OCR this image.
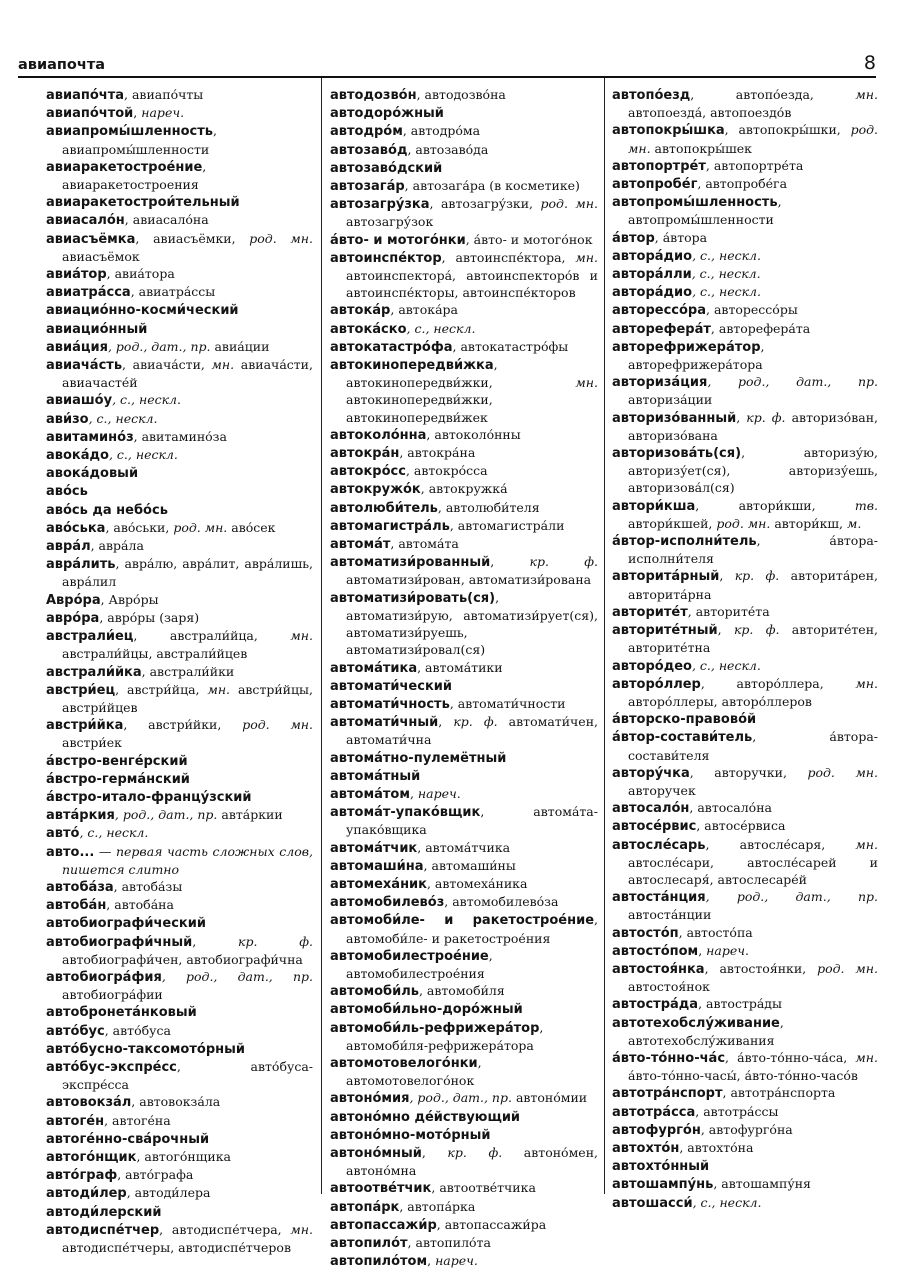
авиапочта	8

авиапо́чта, авиапо́чты

авиапо́чтой, нареч.

авиапромы́шленность, авиапромы́шленности

авиаракетострое́ние, авиаракетостроения

авиаракетострои́тельный

авиасало́н, авиасало́на

авиасъёмка, авиасъёмки, род. мн. авиасъёмок

авиа́тор, авиа́тора

авиатра́сса, авиатра́ссы

авиацио́нно-косми́ческий

авиацио́нный

авиа́ция, род., дат., пр. авиа́ции

авиача́сть, авиача́сти, мн. авиача́сти, авиачасте́й

авиашо́у, с., нескл.

ави́зо, с., нескл.

авитамино́з, авитамино́за

авока́до, с., нескл.

авока́довый

аво́сь

аво́сь да небо́сь

аво́ська, аво́ськи, род. мн. аво́сек

авра́л, авра́ла

авра́лить, авра́лю, авра́лит, авра́лишь, авра́лил

Авро́ра, Авро́ры

авро́ра, авро́ры (заря)

австрали́ец, австрали́йца, мн. австрали́йцы, австрали́йцев

австрали́йка, австрали́йки

австри́ец, австри́йца, мн. австри́йцы, австри́йцев

австри́йка, австри́йки, род. мн. австри́ек

а́встро-венге́рский

а́встро-герма́нский

а́встро-итало-францу́зский

авта́ркия, род., дат., пр. авта́ркии

авто́, с., нескл.

авто... — первая часть сложных слов, пишется слитно

автоба́зa, автоба́зы

автоба́н, автоба́на

автобиографи́ческий

автобиографи́чный, кр. ф. автобиографи́чен, автобиографи́чна

автобиогра́фия, род., дат., пр. автобиогра́фии

автобронета́нковый

авто́бус, авто́буса

авто́бусно-таксомото́рный

авто́бус-экспре́сс, авто́буса-экспре́сса

автовокза́л, автовокза́ла

автоге́н, автоге́на

автоге́нно-сва́рочный

автого́нщик, автого́нщика

авто́граф, авто́графа

автоди́лер, автоди́лера

автоди́лерский

автодиспе́тчер, автодиспе́тчера, мн. автодиспе́тчеры, автодиспе́тчеров

автодозво́н, автодозво́на

автодоро́жный

автодро́м, автодро́ма

автозаво́д, автозаво́да

автозаво́дский

автозага́р, автозага́ра (в косметике)

автозагру́зка, автозагру́зки, род. мн. автозагру́зок

а́вто- и мотого́нки, а́вто- и мотого́нок

автоинспе́ктор, автоинспе́ктора, мн. автоинспектора́, автоинспекторо́в и автоинспе́кторы, автоинспе́кторов

автока́р, автока́ра

автока́ско, с., нескл.

автокатастро́фа, автокатастро́фы

автокинопередви́жка, автокинопередви́жки, мн. автокинопередви́жки, автокинопередви́жек

автоколо́нна, автоколо́нны

автокра́н, автокра́на

автокро́сс, автокро́сса

автокружо́к, автокружка́

автолюби́тель, автолюби́теля

автомагистра́ль, автомагистра́ли

автома́т, автома́та

автоматизи́рованный, кр. ф. автоматизи́рован, автоматизи́рована

автоматизи́ровать(ся), автоматизи́рую, автоматизи́рует(ся), автоматизи́руешь, автоматизи́ровал(ся)

автома́тика, автома́тики

автомати́ческий

автомати́чность, автомати́чности

автомати́чный, кр. ф. автомати́чен, автомати́чна

автома́тно-пулемётный

автома́тный

автома́том, нареч.

автома́т-упако́вщик, автома́та-упако́вщика

автома́тчик, автома́тчика

автомаши́на, автомаши́ны

автомеха́ник, автомеха́ника

автомобилево́з, автомобилево́за

автомоби́ле- и ракетострое́ние, автомоби́ле- и ракетострое́ния

автомобилестрое́ние, автомобилестрое́ния

автомоби́ль, автомоби́ля

автомоби́льно-доро́жный

автомоби́ль-рефрижера́тор, автомоби́ля-рефрижера́тора

автомотовелого́нки, автомотовелого́нок

автоно́мия, род., дат., пр. автоно́мии

автоно́мно де́йствующий

автоно́мно-мото́рный

автоно́мный, кр. ф. автоно́мен, автоно́мна

автоотве́тчик, автоотве́тчика

автопа́рк, автопа́рка

автопассажи́р, автопассажи́ра

автопило́т, автопило́та

автопило́том, нареч.

автопо́езд, автопо́езда, мн. автопоезда́, автопоездо́в

автопокры́шка, автопокры́шки, род. мн. автопокры́шек

автопортре́т, автопортре́та

автопробе́г, автопробе́га

автопромы́шленность, автопромы́шленности

а́втор, а́втора

авторáдио, с., нескл.

автора́лли, с., нескл.

автора́дио, с., нескл.

авторессо́ра, авторессо́ры

авторефера́т, авторефера́та

авторефрижера́тор, авторефрижера́тора

авториза́ция, род., дат., пр. авториза́ции

авторизо́ванный, кр. ф. авторизо́ван, авторизо́вана

авторизова́ть(ся), авторизу́ю, авторизу́ет(ся), авторизу́ешь, авторизова́л(ся)

автори́кша, автори́кши, тв. автори́кшей, род. мн. автори́кш, м.

а́втор-исполни́тель, а́втора-исполни́теля

авторита́рный, кр. ф. авторита́рен, авторита́рна

авторите́т, авторите́та

авторите́тный, кр. ф. авторите́тен, авторите́тна

авторо́део, с., нескл.

авторо́ллер, авторо́ллера, мн. авторо́ллеры, авторо́ллеров

а́вторско-правово́й

а́втор-состави́тель, а́втора-состави́теля

автору́чка, авторучки, род. мн. авторучек

автосало́н, автосало́на

автосе́рвис, автосе́рвиса

автосле́сарь, автосле́саря, мн. автосле́сари, автосле́сарей и автослесаря́, автослесаре́й

автоста́нция, род., дат., пр. автоста́нции

автосто́п, автосто́па

автосто́пом, нареч.

автостоя́нка, автостоя́нки, род. мн. автостоя́нок

автостра́да, автостра́ды

автотехобслу́живание, автотехобслу́живания

а́вто-то́нно-ча́с, а́вто-то́нно-ча́са, мн. а́вто-то́нно-часы́, а́вто-то́нно-часо́в

автотра́нспорт, автотра́нспорта

автотра́сса, автотра́ссы

автофурго́н, автофурго́на

автохто́н, автохто́на

автохто́нный

автошампу́нь, автошампу́ня

автошасси́, с., нескл.
